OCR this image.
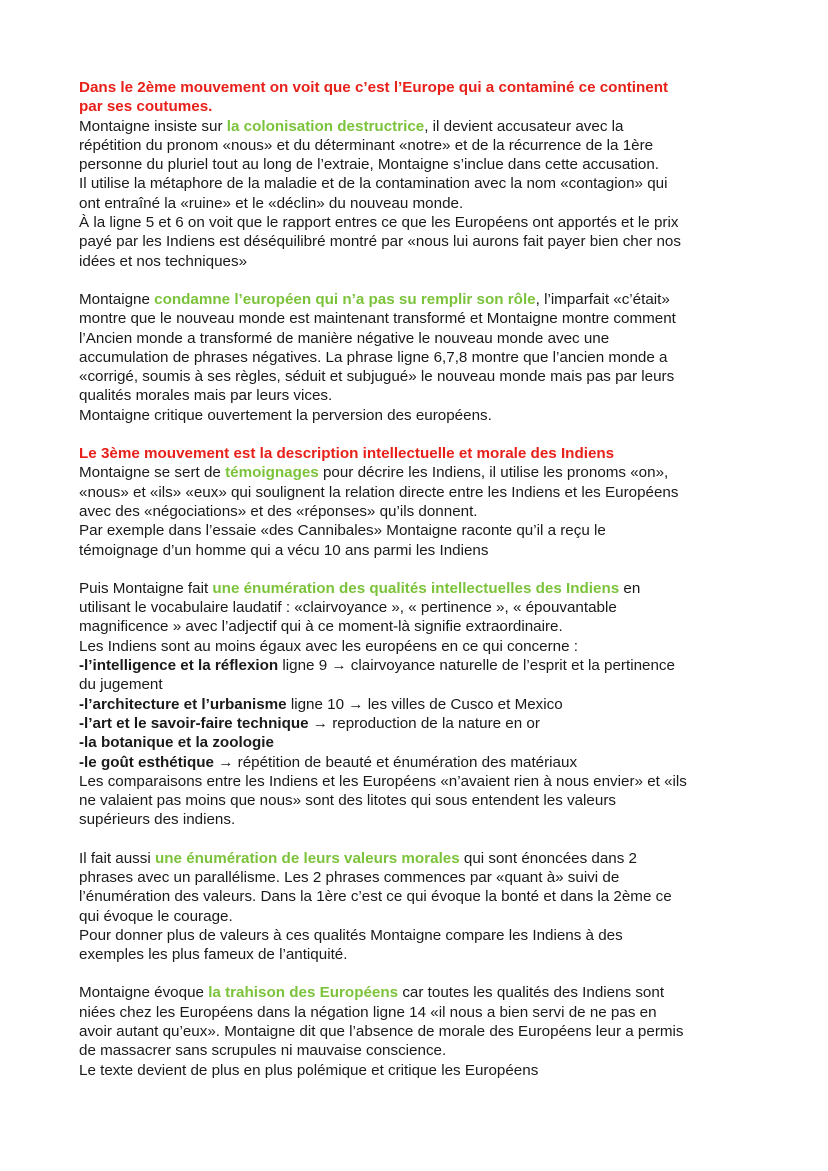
Dans le 2ème mouvement on voit que c’est l’Europe qui a contaminé ce continent
par ses coutumes.
Montaigne insiste sur la colonisation destructrice, il devient accusateur avec la
répétition du pronom «nous» et du déterminant «notre» et de la récurrence de la 1ère
personne du pluriel tout au long de l’extraie, Montaigne s’inclue dans cette accusation.
Il utilise la métaphore de la maladie et de la contamination avec la nom «contagion» qui
ont entraîné la «ruine» et le «déclin» du nouveau monde.
À la ligne 5 et 6 on voit que le rapport entres ce que les Européens ont apportés et le prix
payé par les Indiens est déséquilibré montré par «nous lui aurons fait payer bien cher nos
idées et nos techniques»
Montaigne condamne l’européen qui n’a pas su remplir son rôle, l’imparfait «c’était»
montre que le nouveau monde est maintenant transformé et Montaigne montre comment
l’Ancien monde a transformé de manière négative le nouveau monde avec une
accumulation de phrases négatives. La phrase ligne 6,7,8 montre que l’ancien monde a
«corrigé, soumis à ses règles, séduit et subjugué» le nouveau monde mais pas par leurs
qualités morales mais par leurs vices.
Montaigne critique ouvertement la perversion des européens.
Le 3ème mouvement est la description intellectuelle et morale des Indiens
Montaigne se sert de témoignages pour décrire les Indiens, il utilise les pronoms «on»,
«nous» et «ils» «eux» qui soulignent la relation directe entre les Indiens et les Européens
avec des «négociations» et des «réponses» qu’ils donnent.
Par exemple dans l’essaie «des Cannibales» Montaigne raconte qu’il a reçu le
témoignage d’un homme qui a vécu 10 ans parmi les Indiens
Puis Montaigne fait une énumération des qualités intellectuelles des Indiens en
utilisant le vocabulaire laudatif : «clairvoyance », « pertinence », « épouvantable
magnificence » avec l’adjectif qui à ce moment-là signifie extraordinaire.
Les Indiens sont au moins égaux avec les européens en ce qui concerne :
-l’intelligence et la réflexion ligne 9 → clairvoyance naturelle de l’esprit et la pertinence
du jugement
-l’architecture et l’urbanisme ligne 10 → les villes de Cusco et Mexico
-l’art et le savoir-faire technique → reproduction de la nature en or
-la botanique et la zoologie
-le goût esthétique → répétition de beauté et énumération des matériaux
Les comparaisons entre les Indiens et les Européens «n’avaient rien à nous envier» et «ils
ne valaient pas moins que nous» sont des litotes qui sous entendent les valeurs
supérieurs des indiens.
Il fait aussi une énumération de leurs valeurs morales qui sont énoncées dans 2
phrases avec un parallélisme. Les 2 phrases commences par «quant à» suivi de
l’énumération des valeurs. Dans la 1ère c’est ce qui évoque la bonté et dans la 2ème ce
qui évoque le courage.
Pour donner plus de valeurs à ces qualités Montaigne compare les Indiens à des
exemples les plus fameux de l’antiquité.
Montaigne évoque la trahison des Européens car toutes les qualités des Indiens sont
niées chez les Européens dans la négation ligne 14 «il nous a bien servi de ne pas en
avoir autant qu’eux». Montaigne dit que l’absence de morale des Européens leur a permis
de massacrer sans scrupules ni mauvaise conscience.
Le texte devient de plus en plus polémique et critique les Européens
